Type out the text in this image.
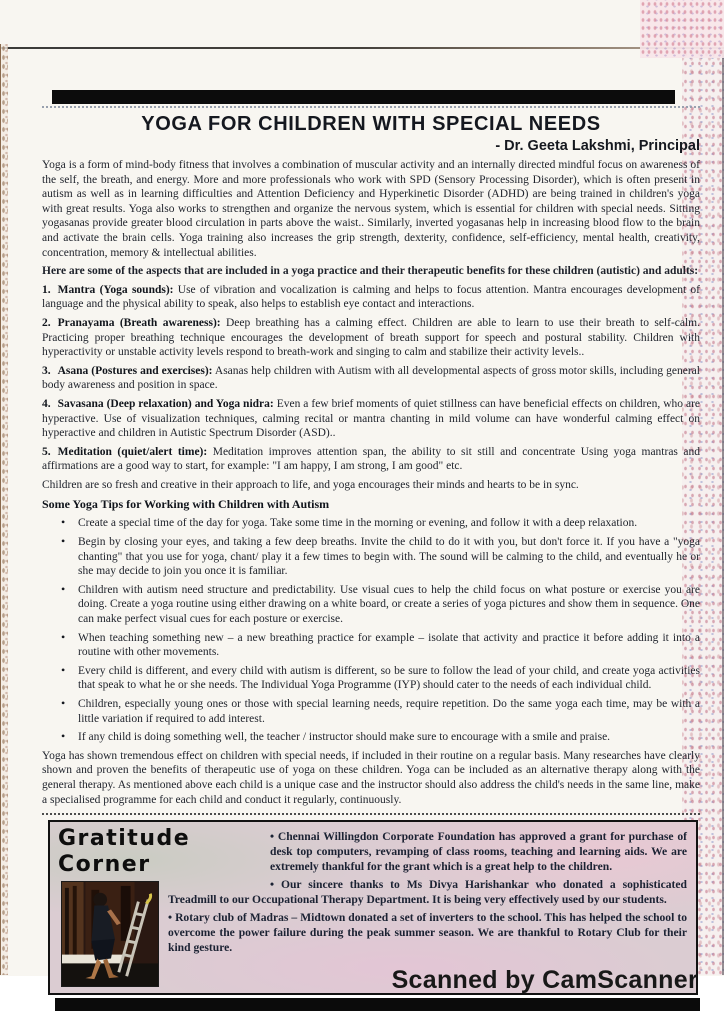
YOGA FOR CHILDREN WITH SPECIAL NEEDS
- Dr. Geeta Lakshmi, Principal

Yoga is a form of mind-body fitness that involves a combination of muscular activity and an internally directed mindful focus on awareness of the self, the breath, and energy. More and more professionals who work with SPD (Sensory Processing Disorder), which is often present in autism as well as in learning difficulties and Attention Deficiency and Hyperkinetic Disorder (ADHD) are being trained in children's yoga with great results. Yoga also works to strengthen and organize the nervous system, which is essential for children with special needs. Sitting yogasanas provide greater blood circulation in parts above the waist.. Similarly, inverted yogasanas help in increasing blood flow to the brain and activate the brain cells. Yoga training also increases the grip strength, dexterity, confidence, self-efficiency, mental health, creativity, concentration, memory & intellectual abilities.

Here are some of the aspects that are included in a yoga practice and their therapeutic benefits for these children (autistic) and adults:

1. Mantra (Yoga sounds): Use of vibration and vocalization is calming and helps to focus attention. Mantra encourages development of language and the physical ability to speak, also helps to establish eye contact and interactions.

2. Pranayama (Breath awareness): Deep breathing has a calming effect. Children are able to learn to use their breath to self-calm. Practicing proper breathing technique encourages the development of breath support for speech and postural stability. Children with hyperactivity or unstable activity levels respond to breath-work and singing to calm and stabilize their activity levels..

3. Asana (Postures and exercises): Asanas help children with Autism with all developmental aspects of gross motor skills, including general body awareness and position in space.

4. Savasana (Deep relaxation) and Yoga nidra: Even a few brief moments of quiet stillness can have beneficial effects on children, who are hyperactive. Use of visualization techniques, calming recital or mantra chanting in mild volume can have wonderful calming effect on hyperactive and children in Autistic Spectrum Disorder (ASD)..

5. Meditation (quiet/alert time): Meditation improves attention span, the ability to sit still and concentrate Using yoga mantras and affirmations are a good way to start, for example: "I am happy, I am strong, I am good" etc.

Children are so fresh and creative in their approach to life, and yoga encourages their minds and hearts to be in sync.

Some Yoga Tips for Working with Children with Autism
• Create a special time of the day for yoga. Take some time in the morning or evening, and follow it with a deep relaxation.
• Begin by closing your eyes, and taking a few deep breaths. Invite the child to do it with you, but don't force it. If you have a "yoga chanting" that you use for yoga, chant/ play it a few times to begin with. The sound will be calming to the child, and eventually he or she may decide to join you once it is familiar.
• Children with autism need structure and predictability. Use visual cues to help the child focus on what posture or exercise you are doing. Create a yoga routine using either drawing on a white board, or create a series of yoga pictures and show them in sequence. One can make perfect visual cues for each posture or exercise.
• When teaching something new – a new breathing practice for example – isolate that activity and practice it before adding it into a routine with other movements.
• Every child is different, and every child with autism is different, so be sure to follow the lead of your child, and create yoga activities that speak to what he or she needs. The Individual Yoga Programme (IYP) should cater to the needs of each individual child.
• Children, especially young ones or those with special learning needs, require repetition. Do the same yoga each time, may be with a little variation if required to add interest.
• If any child is doing something well, the teacher / instructor should make sure to encourage with a smile and praise.

Yoga has shown tremendous effect on children with special needs, if included in their routine on a regular basis. Many researches have clearly shown and proven the benefits of therapeutic use of yoga on these children. Yoga can be included as an alternative therapy along with the general therapy. As mentioned above each child is a unique case and the instructor should also address the child's needs in the same line, make a specialised programme for each child and conduct it regularly, continuously.

Gratitude Corner

• Chennai Willingdon Corporate Foundation has approved a grant for purchase of desk top computers, revamping of class rooms, teaching and learning aids. We are extremely thankful for the grant which is a great help to the children.

• Our sincere thanks to Ms Divya Harishankar who donated a sophisticated Treadmill to our Occupational Therapy Department. It is being very effectively used by our students.

• Rotary club of Madras – Midtown donated a set of inverters to the school. This has helped the school to overcome the power failure during the peak summer season. We are thankful to Rotary Club for their kind gesture.

Scanned by CamScanner
